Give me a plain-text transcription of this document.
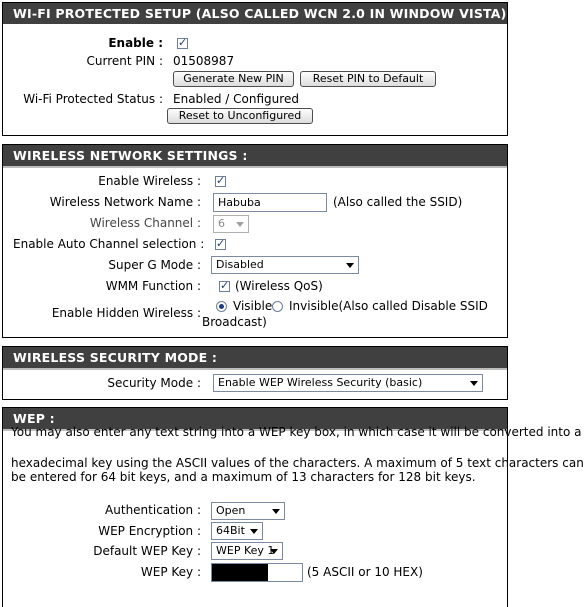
WI-FI PROTECTED SETUP (ALSO CALLED WCN 2.0 IN WINDOW VISTA) :
Enable :
✓
Current PIN : 01508987
Generate New PIN	Reset PIN to Default
Wi-Fi Protected Status : Enabled / Configured
Reset to Unconfigured
WIRELESS NETWORK SETTINGS :
Enable Wireless :
✓
Wireless Network Name :	Habuba	(Also called the SSID)
Wireless Channel :	6
Enable Auto Channel selection :
✓
Super G Mode :	Disabled
WMM Function :
✓	(Wireless QoS)
Enable Hidden Wireless :	Visible Invisible(Also called Disable SSID
Broadcast)
WIRELESS SECURITY MODE :
Security Mode :	Enable WEP Wireless Security (basic)
WEP :
You may also enter any text string into a WEP key box, in which case it will be converted into a
hexadecimal key using the ASCII values of the characters. A maximum of 5 text characters can
be entered for 64 bit keys, and a maximum of 13 characters for 128 bit keys.
Authentication :	Open
WEP Encryption :	64Bit
Default WEP Key :	WEP Key 1
WEP Key :	(5 ASCII or 10 HEX)
